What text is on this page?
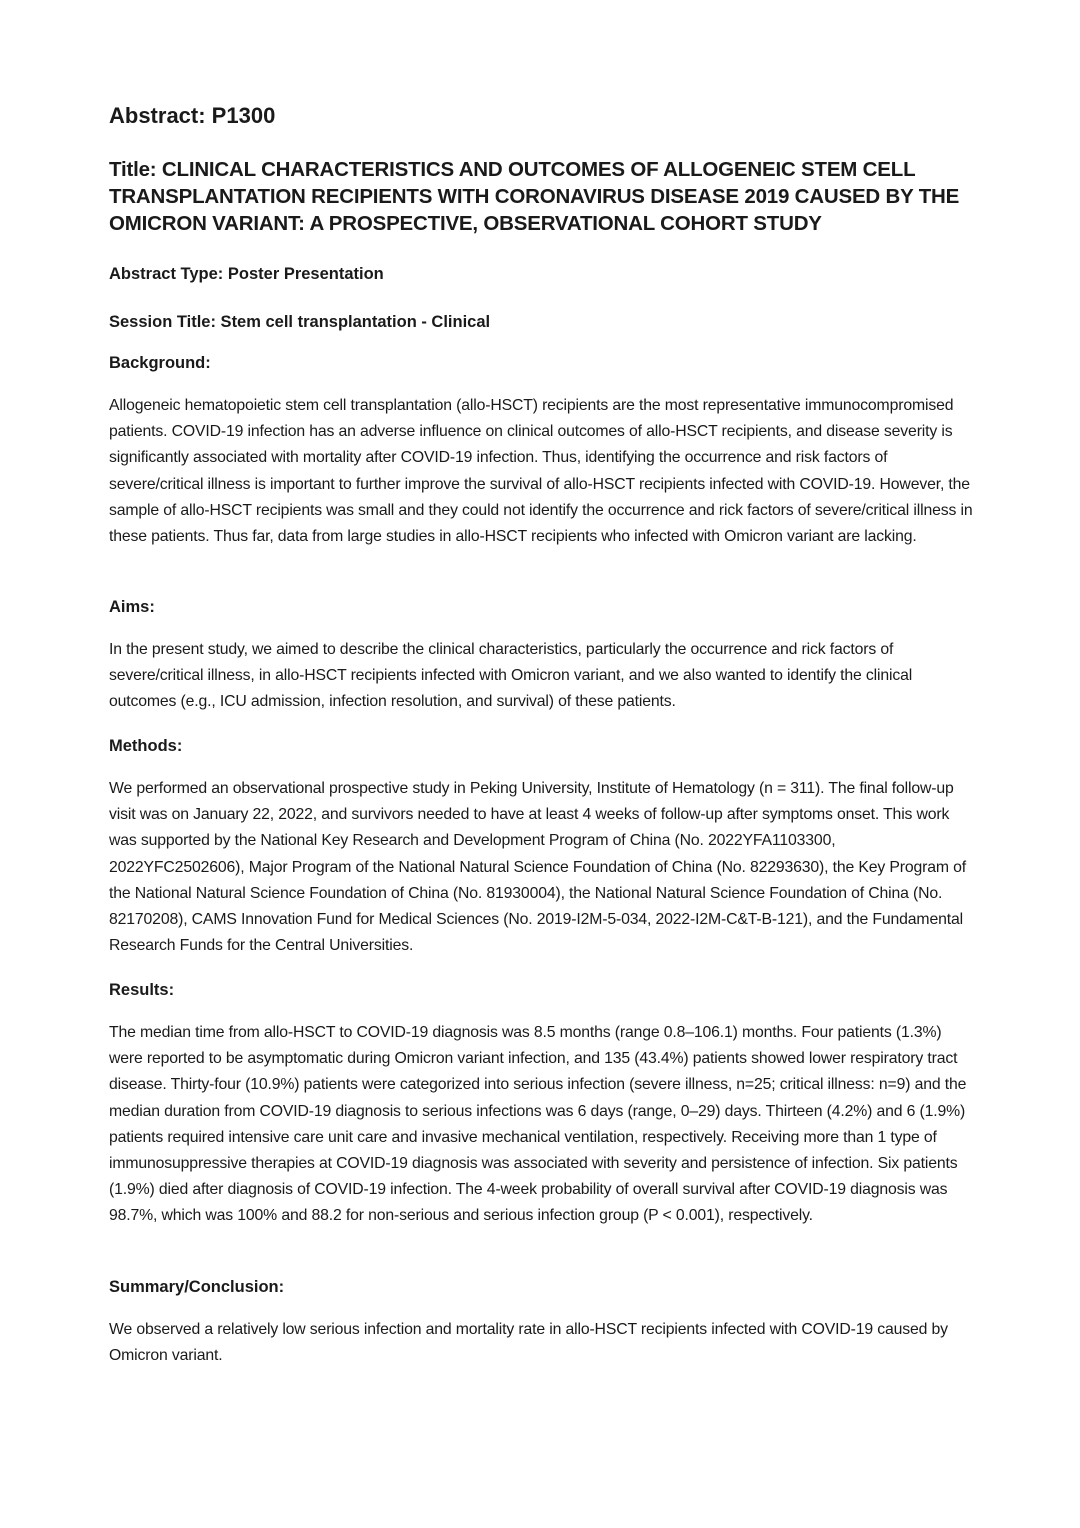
Abstract: P1300
Title: CLINICAL CHARACTERISTICS AND OUTCOMES OF ALLOGENEIC STEM CELL TRANSPLANTATION RECIPIENTS WITH CORONAVIRUS DISEASE 2019 CAUSED BY THE OMICRON VARIANT: A PROSPECTIVE, OBSERVATIONAL COHORT STUDY

Abstract Type: Poster Presentation

Session Title: Stem cell transplantation - Clinical

Background:

Allogeneic hematopoietic stem cell transplantation (allo-HSCT) recipients are the most representative immunocompromised patients. COVID-19 infection has an adverse influence on clinical outcomes of allo-HSCT recipients, and disease severity is significantly associated with mortality after COVID-19 infection. Thus, identifying the occurrence and risk factors of severe/critical illness is important to further improve the survival of allo-HSCT recipients infected with COVID-19. However, the sample of allo-HSCT recipients was small and they could not identify the occurrence and rick factors of severe/critical illness in these patients. Thus far, data from large studies in allo-HSCT recipients who infected with Omicron variant are lacking.

Aims:

In the present study, we aimed to describe the clinical characteristics, particularly the occurrence and rick factors of severe/critical illness, in allo-HSCT recipients infected with Omicron variant, and we also wanted to identify the clinical outcomes (e.g., ICU admission, infection resolution, and survival) of these patients.

Methods:

We performed an observational prospective study in Peking University, Institute of Hematology (n = 311). The final follow-up visit was on January 22, 2022, and survivors needed to have at least 4 weeks of follow-up after symptoms onset. This work was supported by the National Key Research and Development Program of China (No. 2022YFA1103300, 2022YFC2502606), Major Program of the National Natural Science Foundation of China (No. 82293630), the Key Program of the National Natural Science Foundation of China (No. 81930004), the National Natural Science Foundation of China (No. 82170208), CAMS Innovation Fund for Medical Sciences (No. 2019-I2M-5-034, 2022-I2M-C&T-B-121), and the Fundamental Research Funds for the Central Universities.

Results:

The median time from allo-HSCT to COVID-19 diagnosis was 8.5 months (range 0.8–106.1) months. Four patients (1.3%) were reported to be asymptomatic during Omicron variant infection, and 135 (43.4%) patients showed lower respiratory tract disease. Thirty-four (10.9%) patients were categorized into serious infection (severe illness, n=25; critical illness: n=9) and the median duration from COVID-19 diagnosis to serious infections was 6 days (range, 0–29) days. Thirteen (4.2%) and 6 (1.9%) patients required intensive care unit care and invasive mechanical ventilation, respectively. Receiving more than 1 type of immunosuppressive therapies at COVID-19 diagnosis was associated with severity and persistence of infection. Six patients (1.9%) died after diagnosis of COVID-19 infection. The 4-week probability of overall survival after COVID-19 diagnosis was 98.7%, which was 100% and 88.2 for non-serious and serious infection group (P < 0.001), respectively.

Summary/Conclusion:

We observed a relatively low serious infection and mortality rate in allo-HSCT recipients infected with COVID-19 caused by Omicron variant.
